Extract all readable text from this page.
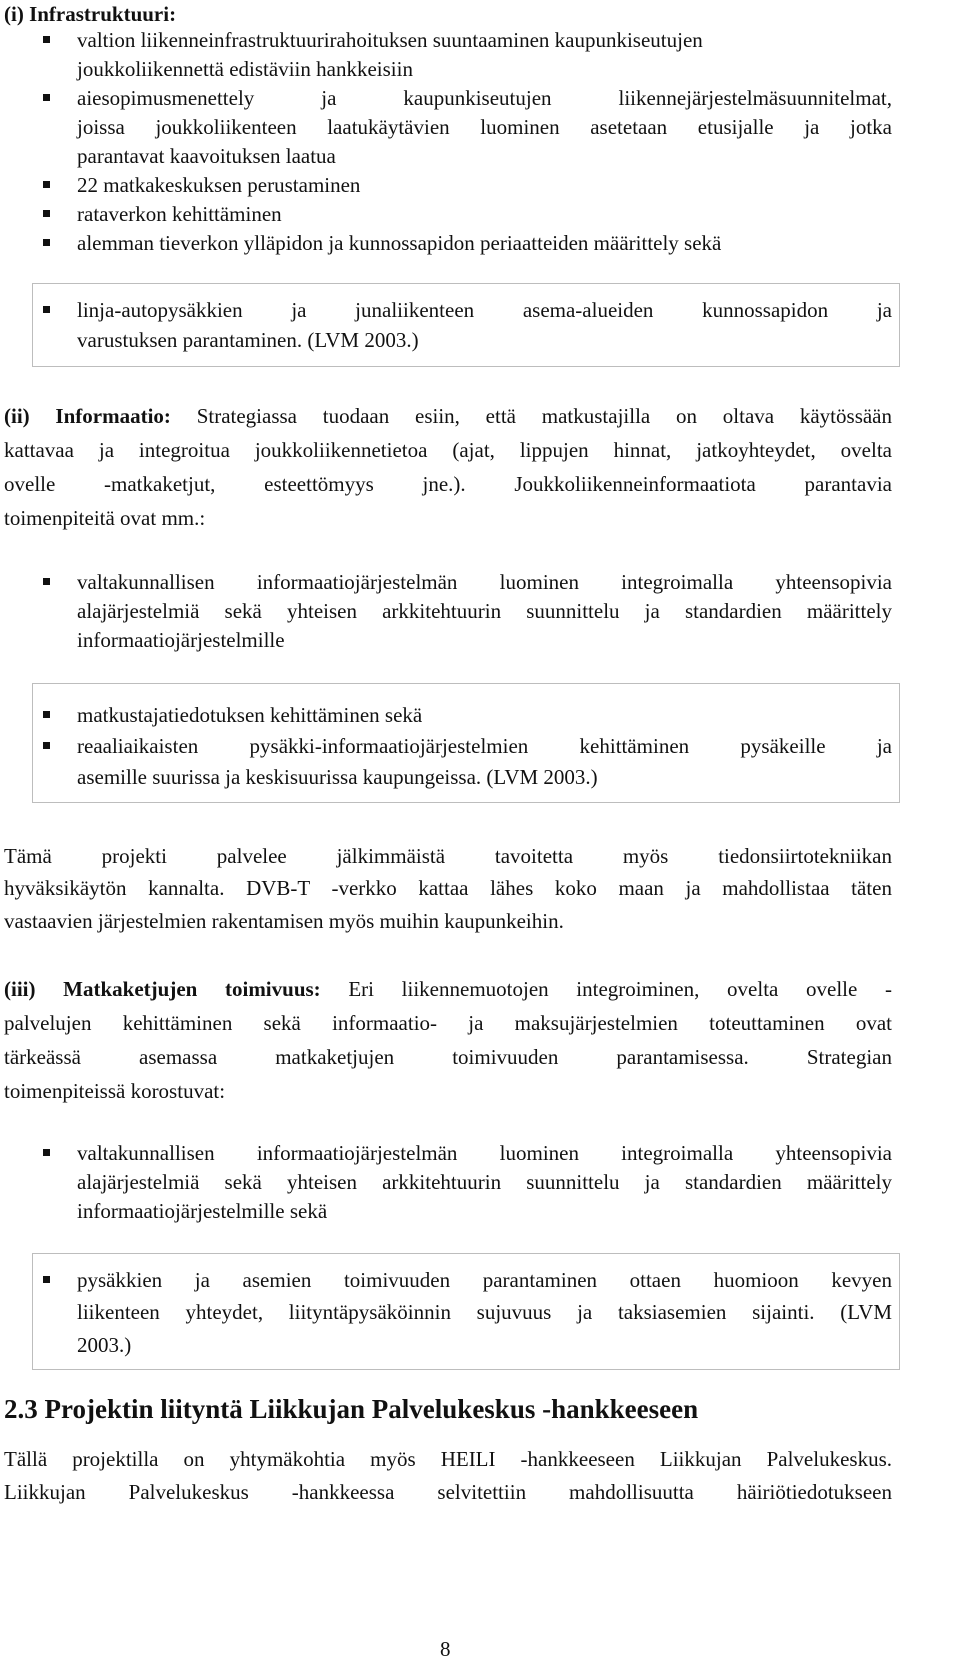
(i) Infrastruktuuri:
valtion liikenneinfrastruktuurirahoituksen suuntaaminen kaupunkiseutujen
joukkoliikennettä edistäviin hankkeisiin
aiesopimusmenettely ja kaupunkiseutujen liikennejärjestelmäsuunnitelmat,
joissa joukkoliikenteen laatukäytävien luominen asetetaan etusijalle ja jotka
parantavat kaavoituksen laatua
22 matkakeskuksen perustaminen
rataverkon kehittäminen
alemman tieverkon ylläpidon ja kunnossapidon periaatteiden määrittely sekä
linja-autopysäkkien ja junaliikenteen asema-alueiden kunnossapidon ja
varustuksen parantaminen. (LVM 2003.)
(ii) Informaatio: Strategiassa tuodaan esiin, että matkustajilla on oltava käytössään
kattavaa ja integroitua joukkoliikennetietoa (ajat, lippujen hinnat, jatkoyhteydet, ovelta
ovelle -matkaketjut, esteettömyys jne.). Joukkoliikenneinformaatiota parantavia
toimenpiteitä ovat mm.:
valtakunnallisen informaatiojärjestelmän luominen integroimalla yhteensopivia
alajärjestelmiä sekä yhteisen arkkitehtuurin suunnittelu ja standardien määrittely
informaatiojärjestelmille
matkustajatiedotuksen kehittäminen sekä
reaaliaikaisten pysäkki-informaatiojärjestelmien kehittäminen pysäkeille ja
asemille suurissa ja keskisuurissa kaupungeissa. (LVM 2003.)
Tämä projekti palvelee jälkimmäistä tavoitetta myös tiedonsiirtotekniikan
hyväksikäytön kannalta. DVB-T -verkko kattaa lähes koko maan ja mahdollistaa täten
vastaavien järjestelmien rakentamisen myös muihin kaupunkeihin.
(iii) Matkaketjujen toimivuus: Eri liikennemuotojen integroiminen, ovelta ovelle -
palvelujen kehittäminen sekä informaatio- ja maksujärjestelmien toteuttaminen ovat
tärkeässä asemassa matkaketjujen toimivuuden parantamisessa. Strategian
toimenpiteissä korostuvat:
valtakunnallisen informaatiojärjestelmän luominen integroimalla yhteensopivia
alajärjestelmiä sekä yhteisen arkkitehtuurin suunnittelu ja standardien määrittely
informaatiojärjestelmille sekä
pysäkkien ja asemien toimivuuden parantaminen ottaen huomioon kevyen
liikenteen yhteydet, liityntäpysäköinnin sujuvuus ja taksiasemien sijainti. (LVM
2003.)
2.3 Projektin liityntä Liikkujan Palvelukeskus -hankkeeseen
Tällä projektilla on yhtymäkohtia myös HEILI -hankkeeseen Liikkujan Palvelukeskus.
Liikkujan Palvelukeskus -hankkeessa selvitettiin mahdollisuutta häiriötiedotukseen
8
